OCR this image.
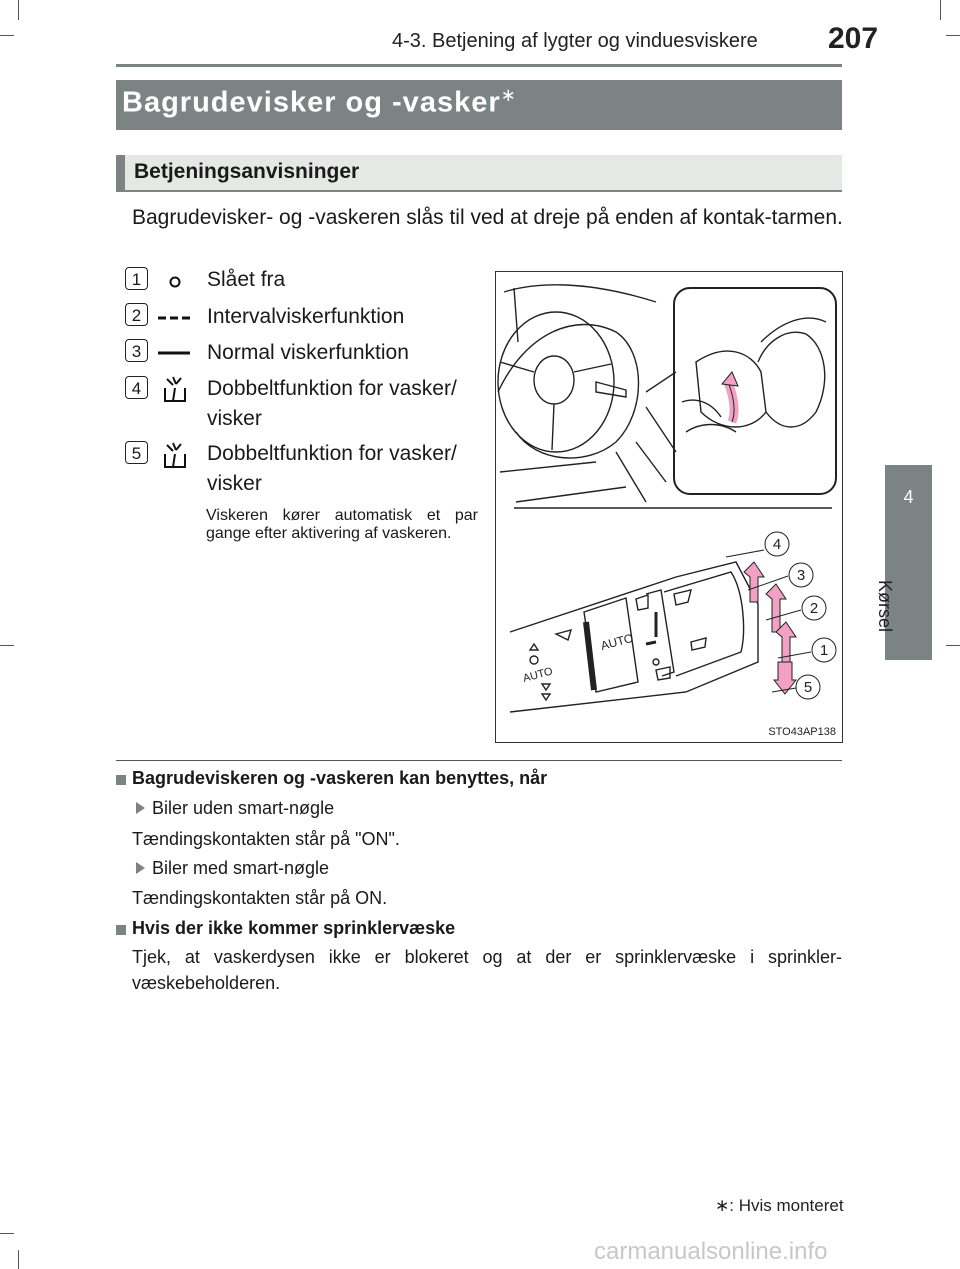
4-3. Betjening af lygter og vinduesviskere 207
Bagrudevisker og -vasker∗
Betjeningsanvisninger
Bagrudevisker- og -vaskeren slås til ved at dreje på enden af kontak-tarmen.
1	Slået fra
2	Intervalviskerfunktion
3	Normal viskerfunktion
4	Dobbeltfunktion for vasker/ visker
5	Dobbeltfunktion for vasker/ visker
Viskeren kører automatisk et par gange efter aktivering af vaskeren.
AUTO
AUTO
4
3
2
1
5
STO43AP138
Bagrudeviskeren og -vaskeren kan benyttes, når
Biler uden smart-nøgle
Tændingskontakten står på "ON".
Biler med smart-nøgle
Tændingskontakten står på ON.
Hvis der ikke kommer sprinklervæske
Tjek, at vaskerdysen ikke er blokeret og at der er sprinklervæske i sprinkler-væskebeholderen.
4
Kørsel
∗: Hvis monteret
carmanualsonline.info
